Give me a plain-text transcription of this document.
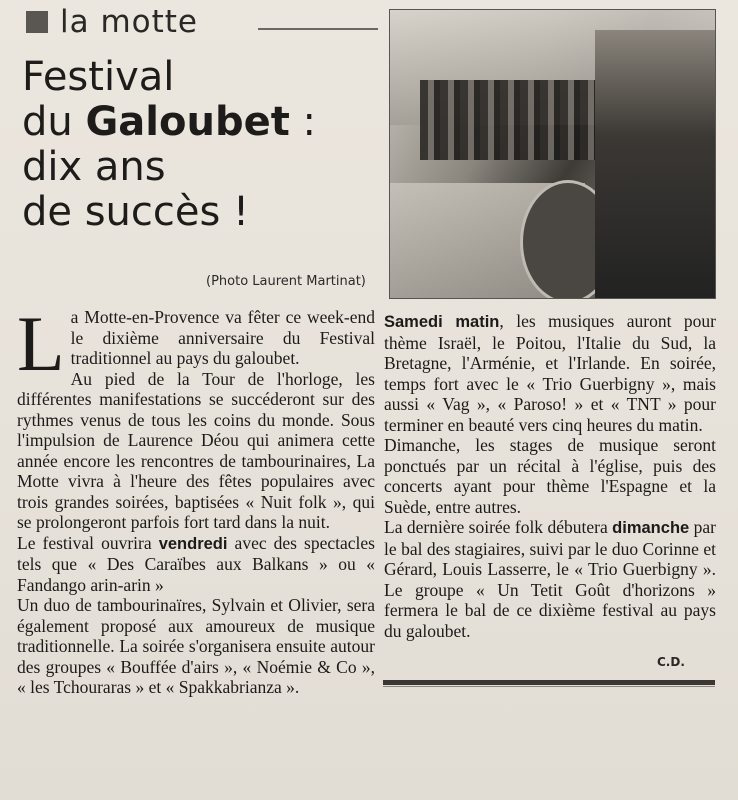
la motte
Festival
du Galoubet :
dix ans
de succès !
(Photo Laurent Martinat)

La Motte-en-Provence va fêter ce week-end le dixième anniversaire du Festival traditionnel au pays du galoubet.

Au pied de la Tour de l'horloge, les différentes manifestations se succéderont sur des rythmes venus de tous les coins du monde. Sous l'impulsion de Laurence Déou qui animera cette année encore les rencontres de tambourinaires, La Motte vivra à l'heure des fêtes populaires avec trois grandes soirées, baptisées « Nuit folk », qui se prolongeront parfois fort tard dans la nuit.

Le festival ouvrira vendredi avec des spectacles tels que « Des Caraïbes aux Balkans » ou « Fandango arin-arin »

Un duo de tambourinaïres, Sylvain et Olivier, sera également proposé aux amoureux de musique traditionnelle. La soirée s'organisera ensuite autour des groupes « Bouffée d'airs », « Noémie & Co », « les Tchouraras » et « Spakkabrianza ».

Samedi matin, les musiques auront pour thème Israël, le Poitou, l'Italie du Sud, la Bretagne, l'Arménie, et l'Irlande. En soirée, temps fort avec le « Trio Guerbigny », mais aussi « Vag », « Paroso! » et « TNT » pour terminer en beauté vers cinq heures du matin.

Dimanche, les stages de musique seront ponctués par un récital à l'église, puis des concerts ayant pour thème l'Espagne et la Suède, entre autres.

La dernière soirée folk débutera dimanche par le bal des stagiaires, suivi par le duo Corinne et Gérard, Louis Lasserre, le « Trio Guerbigny ». Le groupe « Un Tetit Goût d'horizons » fermera le bal de ce dixième festival au pays du galoubet.

C.D.
